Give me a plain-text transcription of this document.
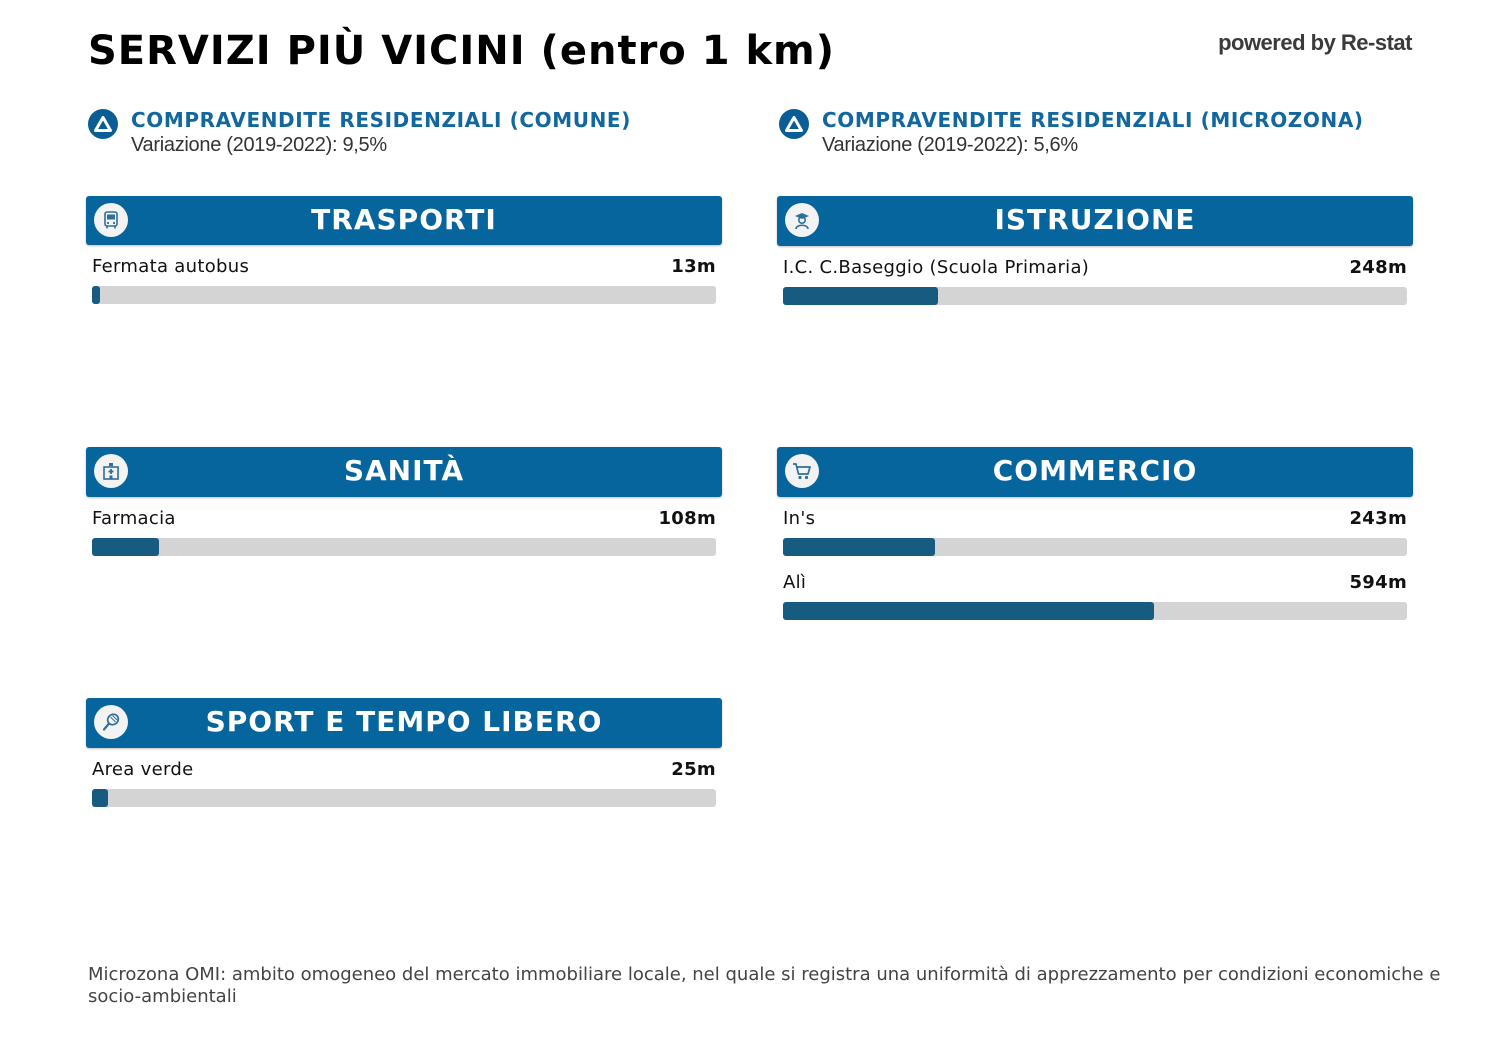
SERVIZI PIÙ VICINI (entro 1 km)	powered by Re-stat
COMPRAVENDITE RESIDENZIALI (COMUNE)
Variazione (2019-2022): 9,5%
COMPRAVENDITE RESIDENZIALI (MICROZONA)
Variazione (2019-2022): 5,6%
TRASPORTI
Fermata autobus	13m
ISTRUZIONE
I.C. C.Baseggio (Scuola Primaria)	248m
SANITÀ
Farmacia	108m
COMMERCIO
In's	243m
Alì	594m
SPORT E TEMPO LIBERO
Area verde	25m
Microzona OMI: ambito omogeneo del mercato immobiliare locale, nel quale si registra una uniformità di apprezzamento per condizioni economiche e socio-ambientali
